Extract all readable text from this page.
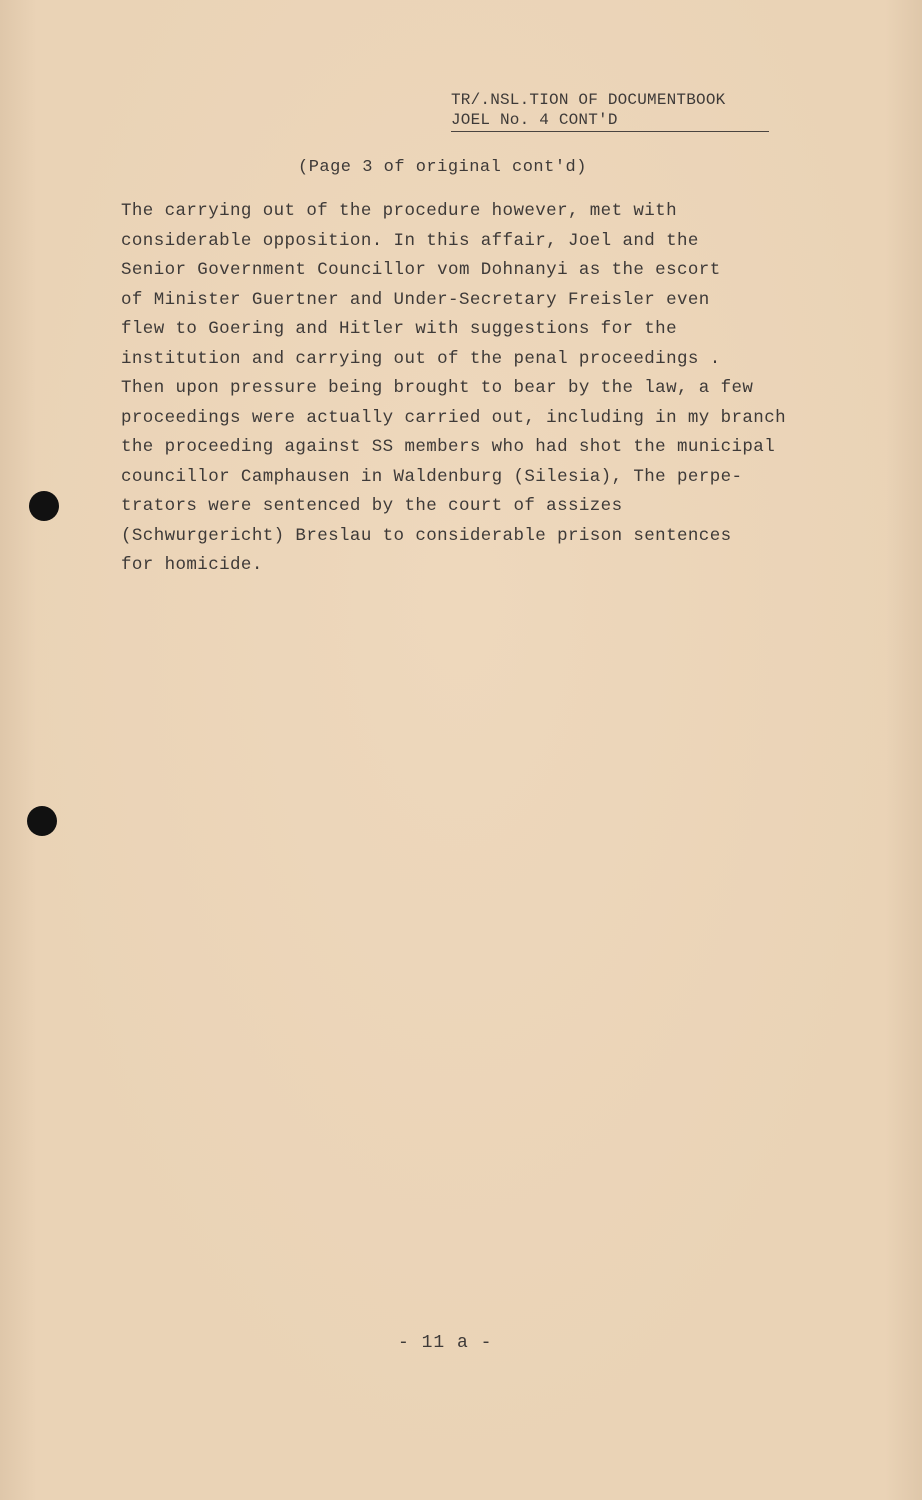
TR/.NSL.TION OF DOCUMENTBOOK
JOEL No. 4 CONT'D
(Page 3 of original cont'd)
The carrying out of the procedure however, met with
considerable opposition. In this affair, Joel and the
Senior Government Councillor vom Dohnanyi as the escort
of Minister Guertner and Under-Secretary Freisler even
flew to Goering and Hitler with suggestions for the
institution and carrying out of the penal proceedings .
Then upon pressure being brought to bear by the law, a few
proceedings were actually carried out, including in my branch
the proceeding against SS members who had shot the municipal
councillor Camphausen in Waldenburg (Silesia), The perpe-
trators were sentenced by the court of assizes
(Schwurgericht) Breslau to considerable prison sentences
for homicide.
- 11 a -
